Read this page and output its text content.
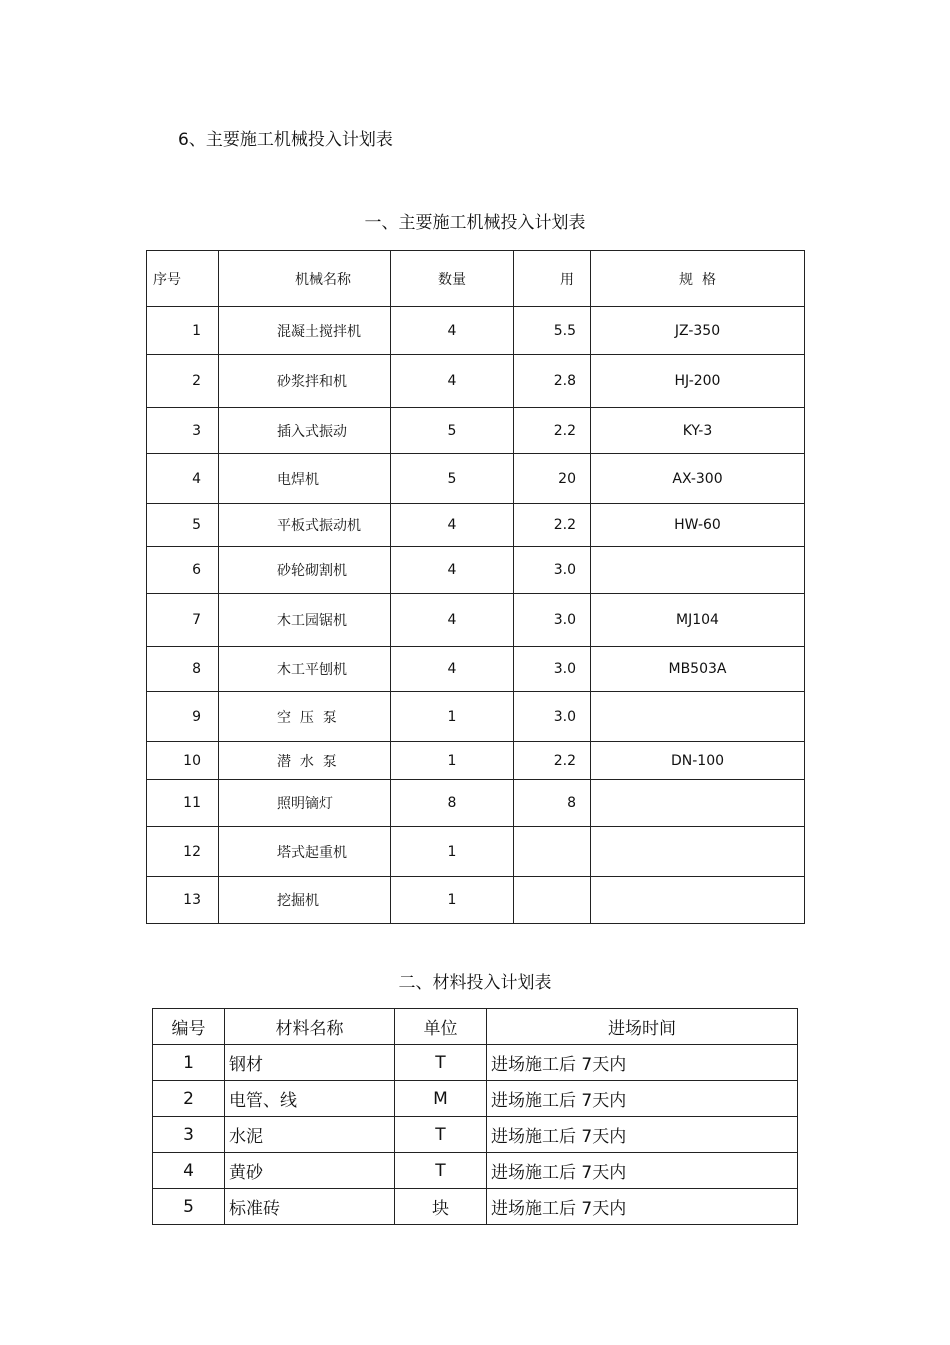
6、主要施工机械投入计划表
一、主要施工机械投入计划表
序号	机械名称	数量	用	规  格
1	混凝土搅拌机	4	5.5	JZ-350
2	砂浆拌和机	4	2.8	HJ-200
3	插入式振动	5	2.2	KY-3
4	电焊机	5	20	AX-300
5	平板式振动机	4	2.2	HW-60
6	砂轮砌割机	4	3.0	
7	木工园锯机	4	3.0	MJ104
8	木工平刨机	4	3.0	MB503A
9	空  压  泵	1	3.0	
10	潜  水  泵	1	2.2	DN-100
11	照明镝灯	8	8	
12	塔式起重机	1		
13	挖掘机	1		
二、材料投入计划表
编号	材料名称	单位	进场时间
1	钢材	T	进场施工后 7天内
2	电管、线	M	进场施工后 7天内
3	水泥	T	进场施工后 7天内
4	黄砂	T	进场施工后 7天内
5	标准砖	块	进场施工后 7天内
